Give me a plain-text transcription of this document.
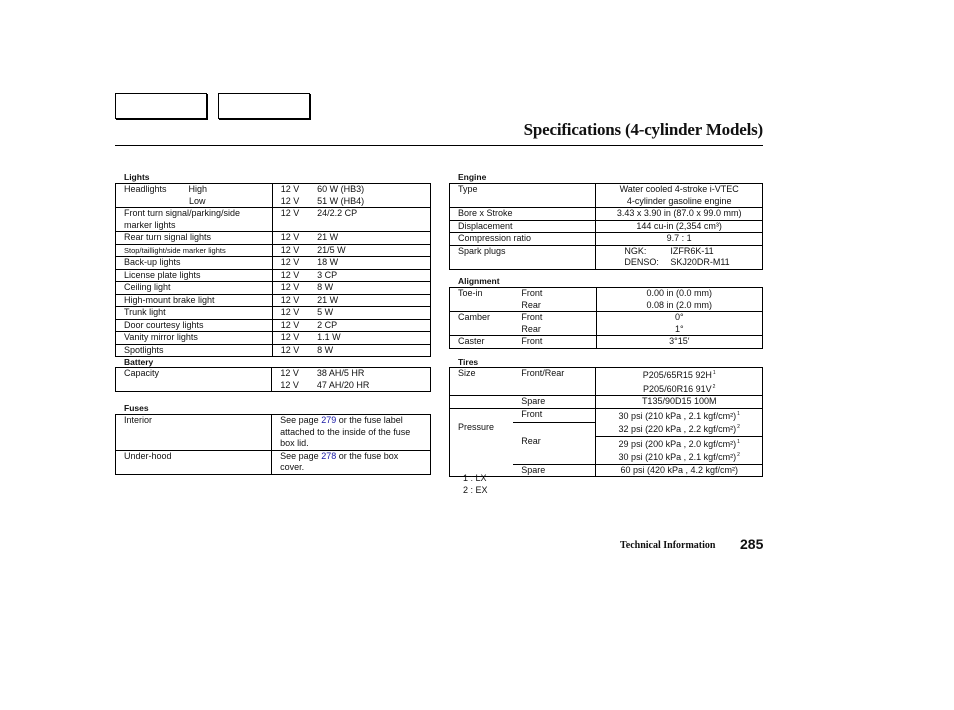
Specifications (4-cylinder Models)
Lights
Headlights High	12 V	60 W (HB3)
Low	12 V	51 W (HB4)
Front turn signal/parking/side	12 V	24/2.2 CP
marker lights		
Rear turn signal lights	12 V	21 W
Stop/taillight/side marker lights	12 V	21/5 W
Back-up lights	12 V	18 W
License plate lights	12 V	3 CP
Ceiling light	12 V	8 W
High-mount brake light	12 V	21 W
Trunk light	12 V	5 W
Door courtesy lights	12 V	2 CP
Vanity mirror lights	12 V	1.1 W
Spotlights	12 V	8 W
Battery
Capacity	12 V	38 AH/5 HR
	12 V	47 AH/20 HR
Fuses
Interior	See page 279 or the fuse label
	attached to the inside of the fuse
	box lid.
Under-hood	See page 278 or the fuse box
	cover.
Engine
Type	Water cooled 4-stroke i-VTEC
	4-cylinder gasoline engine
Bore x Stroke	3.43 x 3.90 in (87.0 x 99.0 mm)
Displacement	144 cu-in (2,354 cm³)
Compression ratio	9.7 : 1
Spark plugs	NGK: IZFR6K-11
	DENSO: SKJ20DR-M11
Alignment
Toe-in	Front	0.00 in (0.0 mm)
	Rear	0.08 in (2.0 mm)
Camber	Front	0°
	Rear	1°
Caster	Front	3°15′
Tires
Size	Front/Rear	P205/65R15 $92H^1$
		P205/60R16 $91V^2$
	Spare	T135/90D15 100M
	Front	30 psi (210 kPa , 2.1 kgf/cm²)$^1$
Pressure		32 psi (220 kPa , 2.2 kgf/cm²)$^2$
	Rear	29 psi (200 kPa , 2.0 kgf/cm²)$^1$
		30 psi (210 kPa , 2.1 kgf/cm²)$^2$
	Spare	60 psi (420 kPa , 4.2 kgf/cm²)
1 : LX
2 : EX
Technical Information 285
